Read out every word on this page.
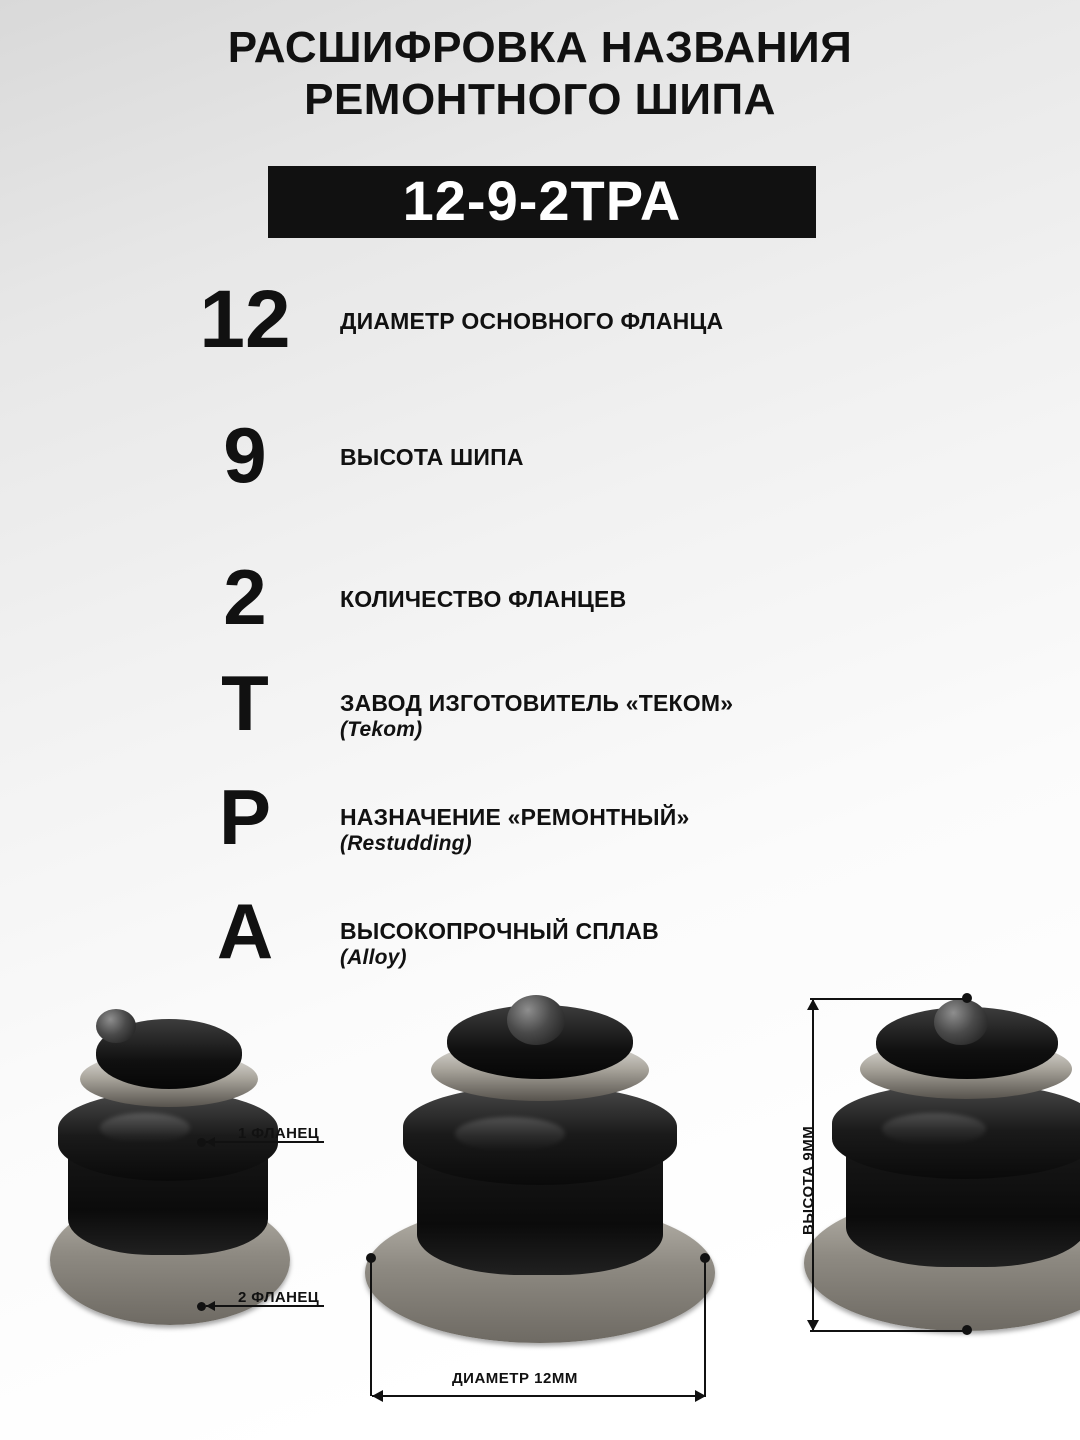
РАСШИФРОВКА НАЗВАНИЯ
РЕМОНТНОГО ШИПА
12-9-2TPA
12	ДИАМЕТР ОСНОВНОГО ФЛАНЦА
9	ВЫСОТА ШИПА
2	КОЛИЧЕСТВО ФЛАНЦЕВ
T	ЗАВОД ИЗГОТОВИТЕЛЬ «ТЕКОМ»
(Tekom)
P	НАЗНАЧЕНИЕ «РЕМОНТНЫЙ»
(Restudding)
A	ВЫСОКОПРОЧНЫЙ СПЛАВ
(Alloy)
1 ФЛАНЕЦ
2 ФЛАНЕЦ
ДИАМЕТР 12ММ
ВЫСОТА 9ММ
